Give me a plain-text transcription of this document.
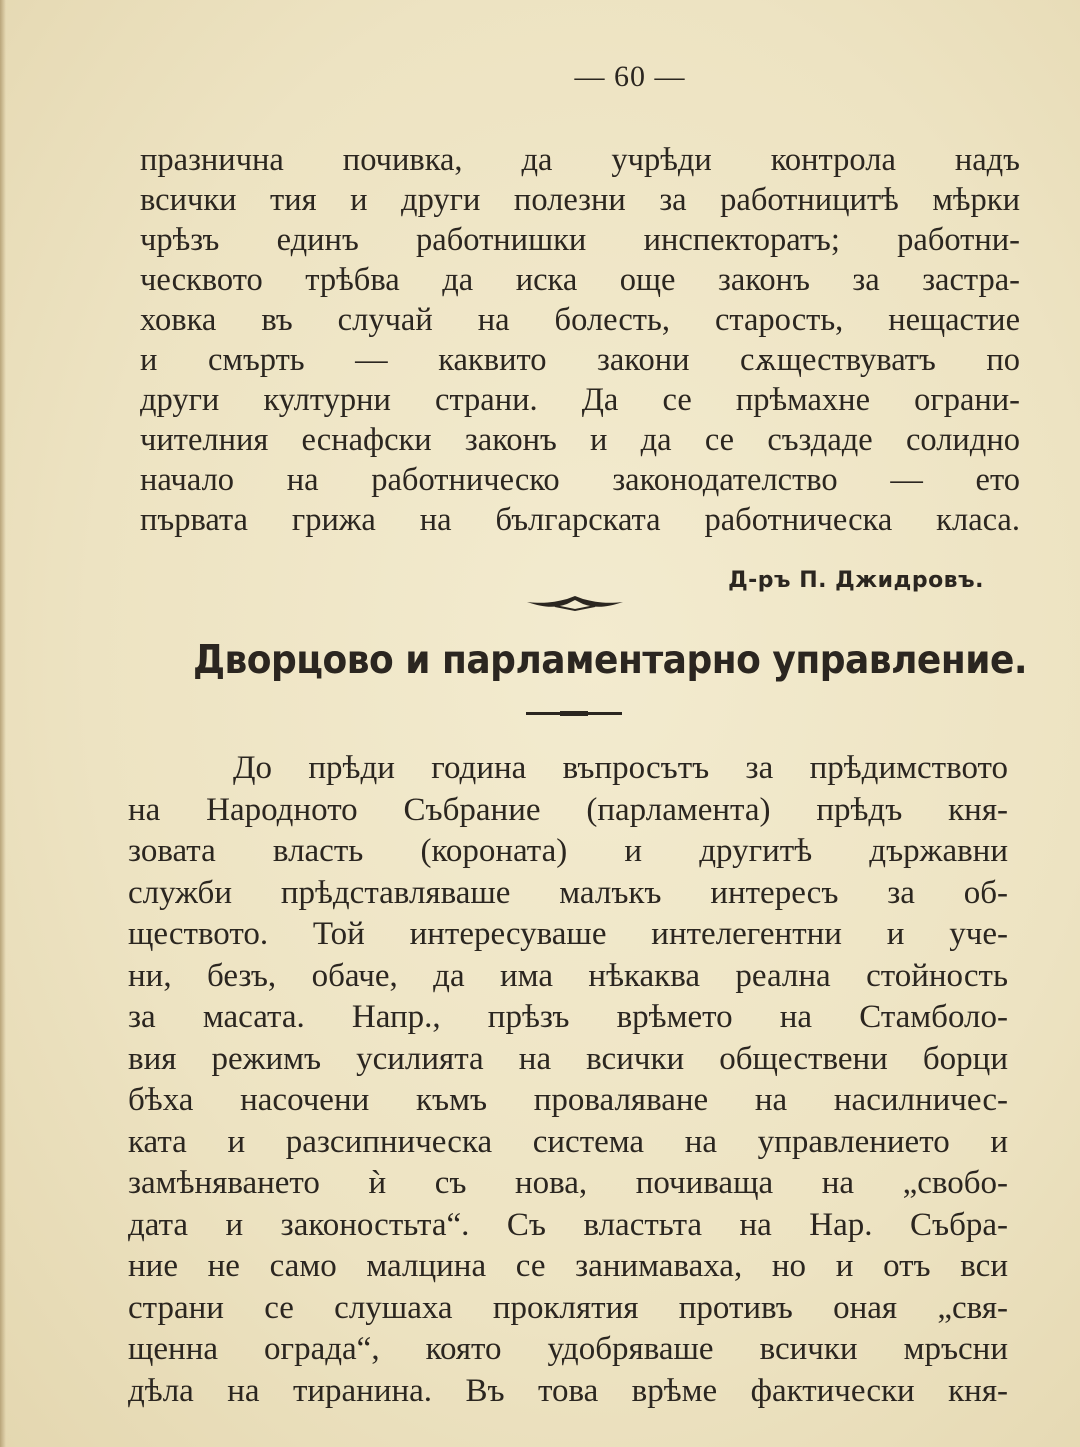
— 60 —
празнична почивка, да учрѣди контрола надъ
всички тия и други полезни за работницитѣ мѣрки
чрѣзъ единъ работнишки инспекторатъ; работни-
ческвото трѣбва да иска още законъ за застра-
ховка въ случай на болесть, старость, нещастие
и смърть — каквито закони сѫществуватъ по
други културни страни. Да се прѣмахне ограни-
чителния еснафски законъ и да се създаде солидно
начало на работническо законодателство — ето
първата грижа на българската работническа класа.
Д-ръ П. Джидровъ.
Дворцово и парламентарно управление.
До прѣди година въпросътъ за прѣдимството
на Народното Събрание (парламента) прѣдъ кня-
зовата власть (короната) и другитѣ държавни
служби прѣдставляваше малъкъ интересъ за об-
ществото. Той интересуваше интелегентни и уче-
ни, безъ, обаче, да има нѣкаква реална стойность
за масата. Напр., прѣзъ врѣмето на Стамболо-
вия режимъ усилията на всички обществени борци
бѣха насочени къмъ проваляване на насилничес-
ката и разсипническа система на управлението и
замѣняването ѝ съ нова, почиваща на „свобо-
дата и законостьта“. Съ властьта на Нар. Събра-
ние не само малцина се занимаваха, но и отъ вси
страни се слушаха проклятия противъ оная „свя-
щенна ограда“, която удобряваше всички мръсни
дѣла на тиранина. Въ това врѣме фактически кня-
